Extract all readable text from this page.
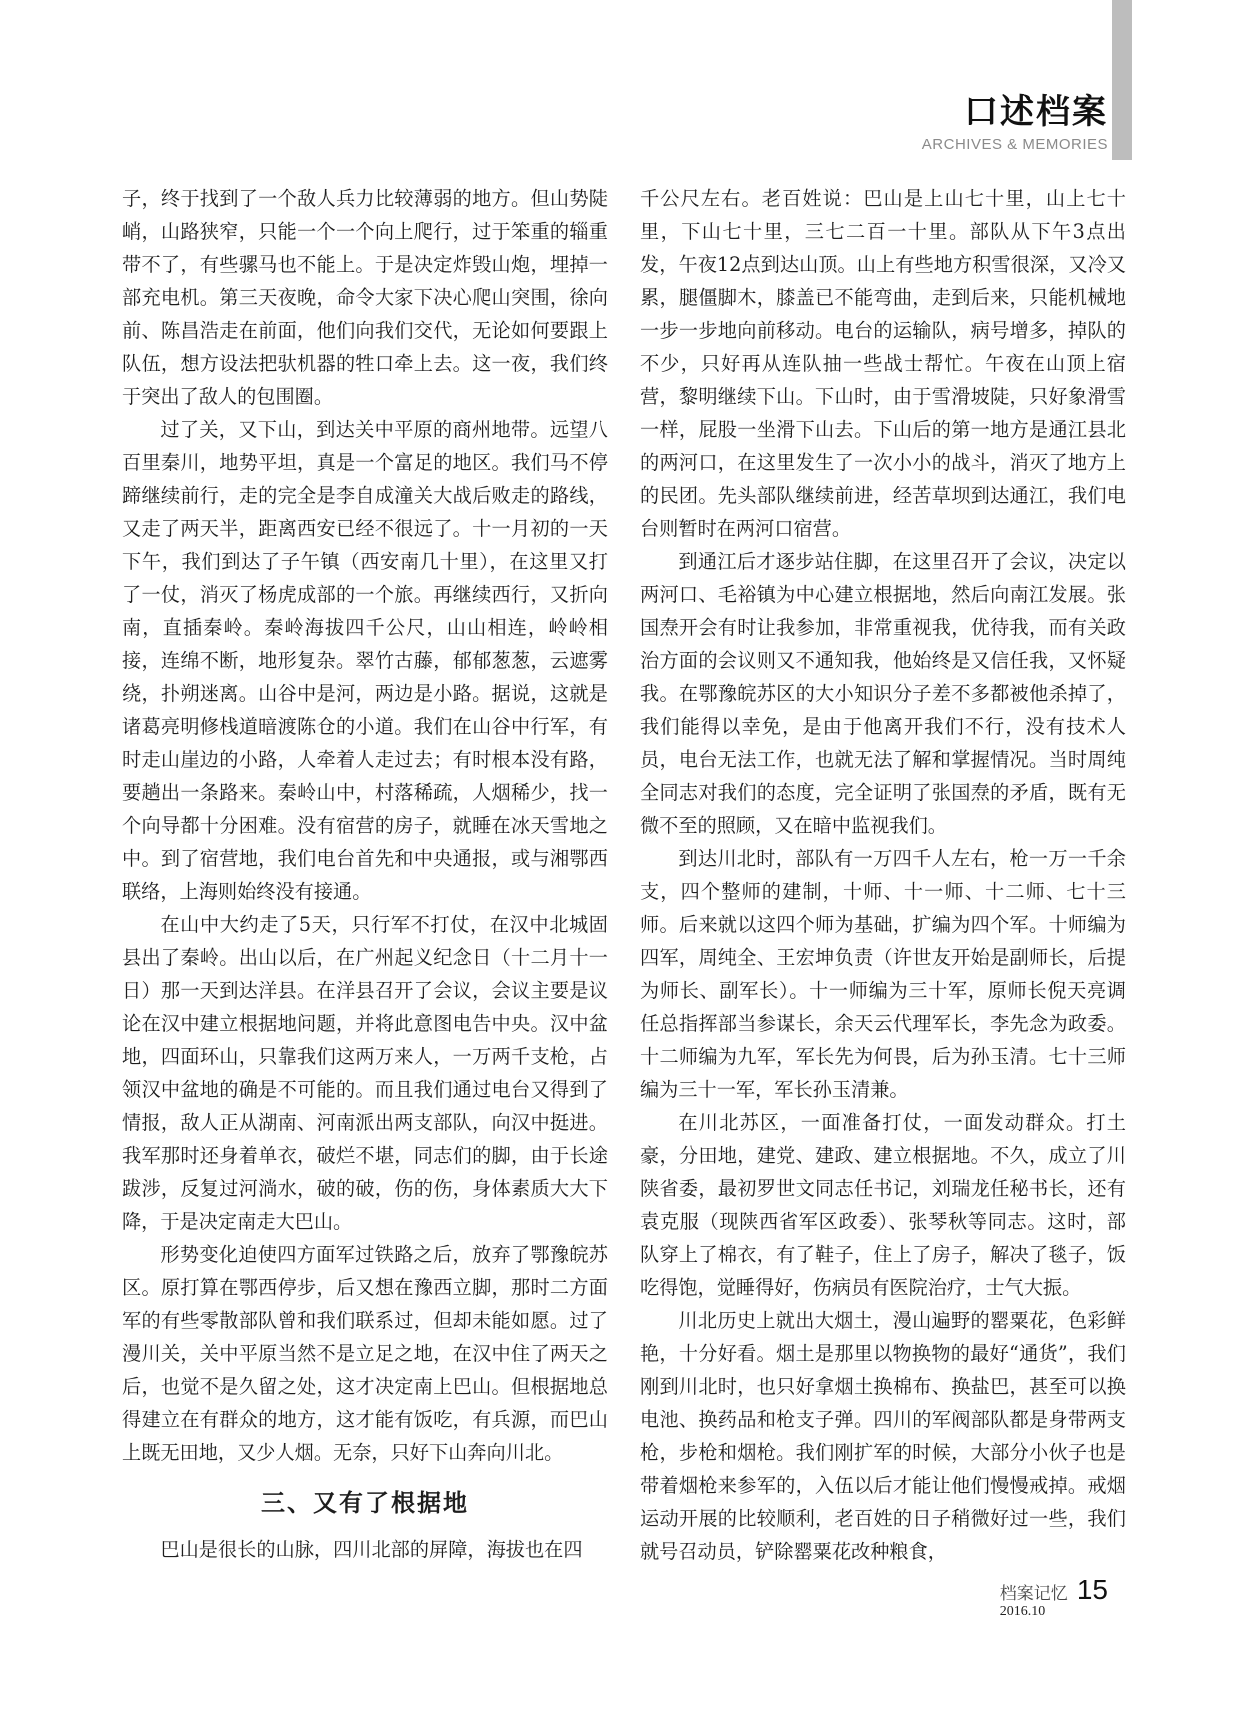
口述档案
ARCHIVES & MEMORIES

子，终于找到了一个敌人兵力比较薄弱的地方。但山势陡峭，山路狭窄，只能一个一个向上爬行，过于笨重的辎重带不了，有些骡马也不能上。于是决定炸毁山炮，埋掉一部充电机。第三天夜晚，命令大家下决心爬山突围，徐向前、陈昌浩走在前面，他们向我们交代，无论如何要跟上队伍，想方设法把驮机器的牲口牵上去。这一夜，我们终于突出了敌人的包围圈。

过了关，又下山，到达关中平原的商州地带。远望八百里秦川，地势平坦，真是一个富足的地区。我们马不停蹄继续前行，走的完全是李自成潼关大战后败走的路线，又走了两天半，距离西安已经不很远了。十一月初的一天下午，我们到达了子午镇（西安南几十里），在这里又打了一仗，消灭了杨虎成部的一个旅。再继续西行，又折向南，直插秦岭。秦岭海拔四千公尺，山山相连，岭岭相接，连绵不断，地形复杂。翠竹古藤，郁郁葱葱，云遮雾绕，扑朔迷离。山谷中是河，两边是小路。据说，这就是诸葛亮明修栈道暗渡陈仓的小道。我们在山谷中行军，有时走山崖边的小路，人牵着人走过去；有时根本没有路，要趟出一条路来。秦岭山中，村落稀疏，人烟稀少，找一个向导都十分困难。没有宿营的房子，就睡在冰天雪地之中。到了宿营地，我们电台首先和中央通报，或与湘鄂西联络，上海则始终没有接通。

在山中大约走了5天，只行军不打仗，在汉中北城固县出了秦岭。出山以后，在广州起义纪念日（十二月十一日）那一天到达洋县。在洋县召开了会议，会议主要是议论在汉中建立根据地问题，并将此意图电告中央。汉中盆地，四面环山，只靠我们这两万来人，一万两千支枪，占领汉中盆地的确是不可能的。而且我们通过电台又得到了情报，敌人正从湖南、河南派出两支部队，向汉中挺进。我军那时还身着单衣，破烂不堪，同志们的脚，由于长途跋涉，反复过河淌水，破的破，伤的伤，身体素质大大下降，于是决定南走大巴山。

形势变化迫使四方面军过铁路之后，放弃了鄂豫皖苏区。原打算在鄂西停步，后又想在豫西立脚，那时二方面军的有些零散部队曾和我们联系过，但却未能如愿。过了漫川关，关中平原当然不是立足之地，在汉中住了两天之后，也觉不是久留之处，这才决定南上巴山。但根据地总得建立在有群众的地方，这才能有饭吃，有兵源，而巴山上既无田地，又少人烟。无奈，只好下山奔向川北。

三、又有了根据地

巴山是很长的山脉，四川北部的屏障，海拔也在四

千公尺左右。老百姓说：巴山是上山七十里，山上七十里，下山七十里，三七二百一十里。部队从下午3点出发，午夜12点到达山顶。山上有些地方积雪很深，又冷又累，腿僵脚木，膝盖已不能弯曲，走到后来，只能机械地一步一步地向前移动。电台的运输队，病号增多，掉队的不少，只好再从连队抽一些战士帮忙。午夜在山顶上宿营，黎明继续下山。下山时，由于雪滑坡陡，只好象滑雪一样，屁股一坐滑下山去。下山后的第一地方是通江县北的两河口，在这里发生了一次小小的战斗，消灭了地方上的民团。先头部队继续前进，经苦草坝到达通江，我们电台则暂时在两河口宿营。

到通江后才逐步站住脚，在这里召开了会议，决定以两河口、毛裕镇为中心建立根据地，然后向南江发展。张国焘开会有时让我参加，非常重视我，优待我，而有关政治方面的会议则又不通知我，他始终是又信任我，又怀疑我。在鄂豫皖苏区的大小知识分子差不多都被他杀掉了，我们能得以幸免，是由于他离开我们不行，没有技术人员，电台无法工作，也就无法了解和掌握情况。当时周纯全同志对我们的态度，完全证明了张国焘的矛盾，既有无微不至的照顾，又在暗中监视我们。

到达川北时，部队有一万四千人左右，枪一万一千余支，四个整师的建制，十师、十一师、十二师、七十三师。后来就以这四个师为基础，扩编为四个军。十师编为四军，周纯全、王宏坤负责（许世友开始是副师长，后提为师长、副军长）。十一师编为三十军，原师长倪天亮调任总指挥部当参谋长，余天云代理军长，李先念为政委。十二师编为九军，军长先为何畏，后为孙玉清。七十三师编为三十一军，军长孙玉清兼。

在川北苏区，一面准备打仗，一面发动群众。打土豪，分田地，建党、建政、建立根据地。不久，成立了川陕省委，最初罗世文同志任书记，刘瑞龙任秘书长，还有袁克服（现陕西省军区政委）、张琴秋等同志。这时，部队穿上了棉衣，有了鞋子，住上了房子，解决了毯子，饭吃得饱，觉睡得好，伤病员有医院治疗，士气大振。

川北历史上就出大烟土，漫山遍野的罂粟花，色彩鲜艳，十分好看。烟土是那里以物换物的最好“通货”，我们刚到川北时，也只好拿烟土换棉布、换盐巴，甚至可以换电池、换药品和枪支子弹。四川的军阀部队都是身带两支枪，步枪和烟枪。我们刚扩军的时候，大部分小伙子也是带着烟枪来参军的，入伍以后才能让他们慢慢戒掉。戒烟运动开展的比较顺利，老百姓的日子稍微好过一些，我们就号召动员，铲除罂粟花改种粮食，

档案记忆 15
2016.10
